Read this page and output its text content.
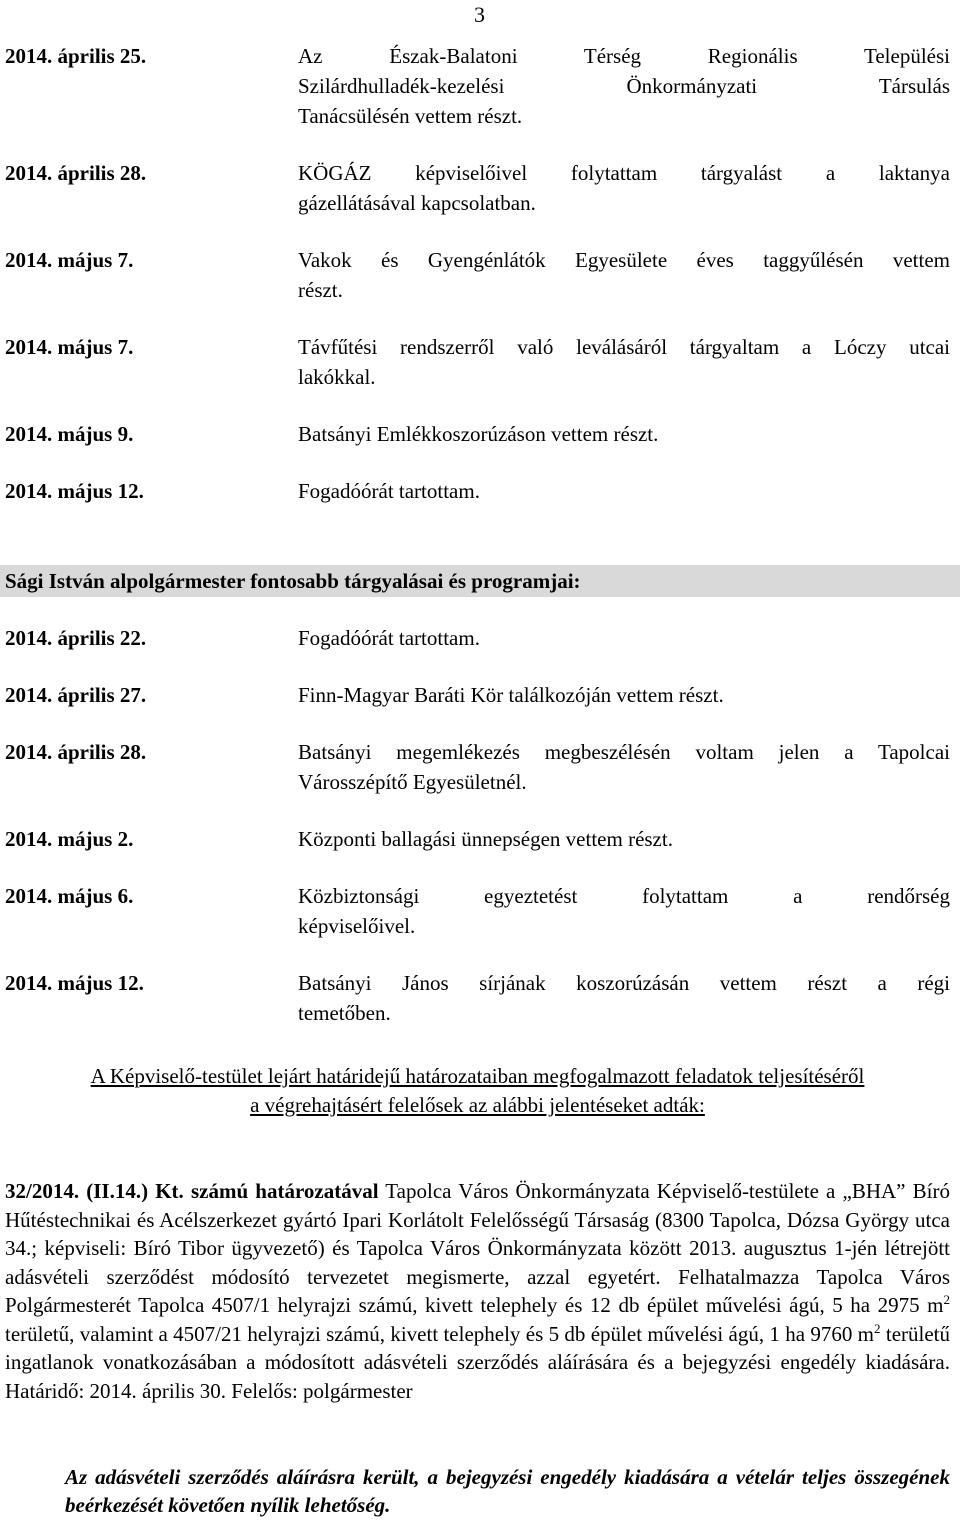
3
2014. április 25.	Az Észak-Balatoni Térség Regionális Települési
Szilárdhulladék-kezelési Önkormányzati Társulás
Tanácsülésén vettem részt.
2014. április 28.	KÖGÁZ képviselőivel folytattam tárgyalást a laktanya
gázellátásával kapcsolatban.
2014. május 7.	Vakok és Gyengénlátók Egyesülete éves taggyűlésén vettem
részt.
2014. május 7.	Távfűtési rendszerről való leválásáról tárgyaltam a Lóczy utcai
lakókkal.
2014. május 9.	Batsányi Emlékkoszorúzáson vettem részt.
2014. május 12.	Fogadóórát tartottam.
Sági István alpolgármester fontosabb tárgyalásai és programjai:
2014. április 22.	Fogadóórát tartottam.
2014. április 27.	Finn-Magyar Baráti Kör találkozóján vettem részt.
2014. április 28.	Batsányi megemlékezés megbeszélésén voltam jelen a Tapolcai
Városszépítő Egyesületnél.
2014. május 2.	Központi ballagási ünnepségen vettem részt.
2014. május 6.	Közbiztonsági egyeztetést folytattam a rendőrség
képviselőivel.
2014. május 12.	Batsányi János sírjának koszorúzásán vettem részt a régi
temetőben.
A Képviselő-testület lejárt határidejű határozataiban megfogalmazott feladatok teljesítéséről
a végrehajtásért felelősek az alábbi jelentéseket adták:
32/2014. (II.14.) Kt. számú határozatával Tapolca Város Önkormányzata Képviselő-testülete a „BHA” Bíró Hűtéstechnikai és Acélszerkezet gyártó Ipari Korlátolt Felelősségű Társaság (8300 Tapolca, Dózsa György utca 34.; képviseli: Bíró Tibor ügyvezető) és Tapolca Város Önkormányzata között 2013. augusztus 1-jén létrejött adásvételi szerződést módosító tervezetet megismerte, azzal egyetért. Felhatalmazza Tapolca Város Polgármesterét Tapolca 4507/1 helyrajzi számú, kivett telephely és 12 db épület művelési ágú, 5 ha 2975 $m^2$ területű, valamint a 4507/21 helyrajzi számú, kivett telephely és 5 db épület művelési ágú, 1 ha 9760 $m^2$ területű ingatlanok vonatkozásában a módosított adásvételi szerződés aláírására és a bejegyzési engedély kiadására. Határidő: 2014. április 30. Felelős: polgármester
Az adásvételi szerződés aláírásra került, a bejegyzési engedély kiadására a vételár teljes összegének beérkezését követően nyílik lehetőség.
